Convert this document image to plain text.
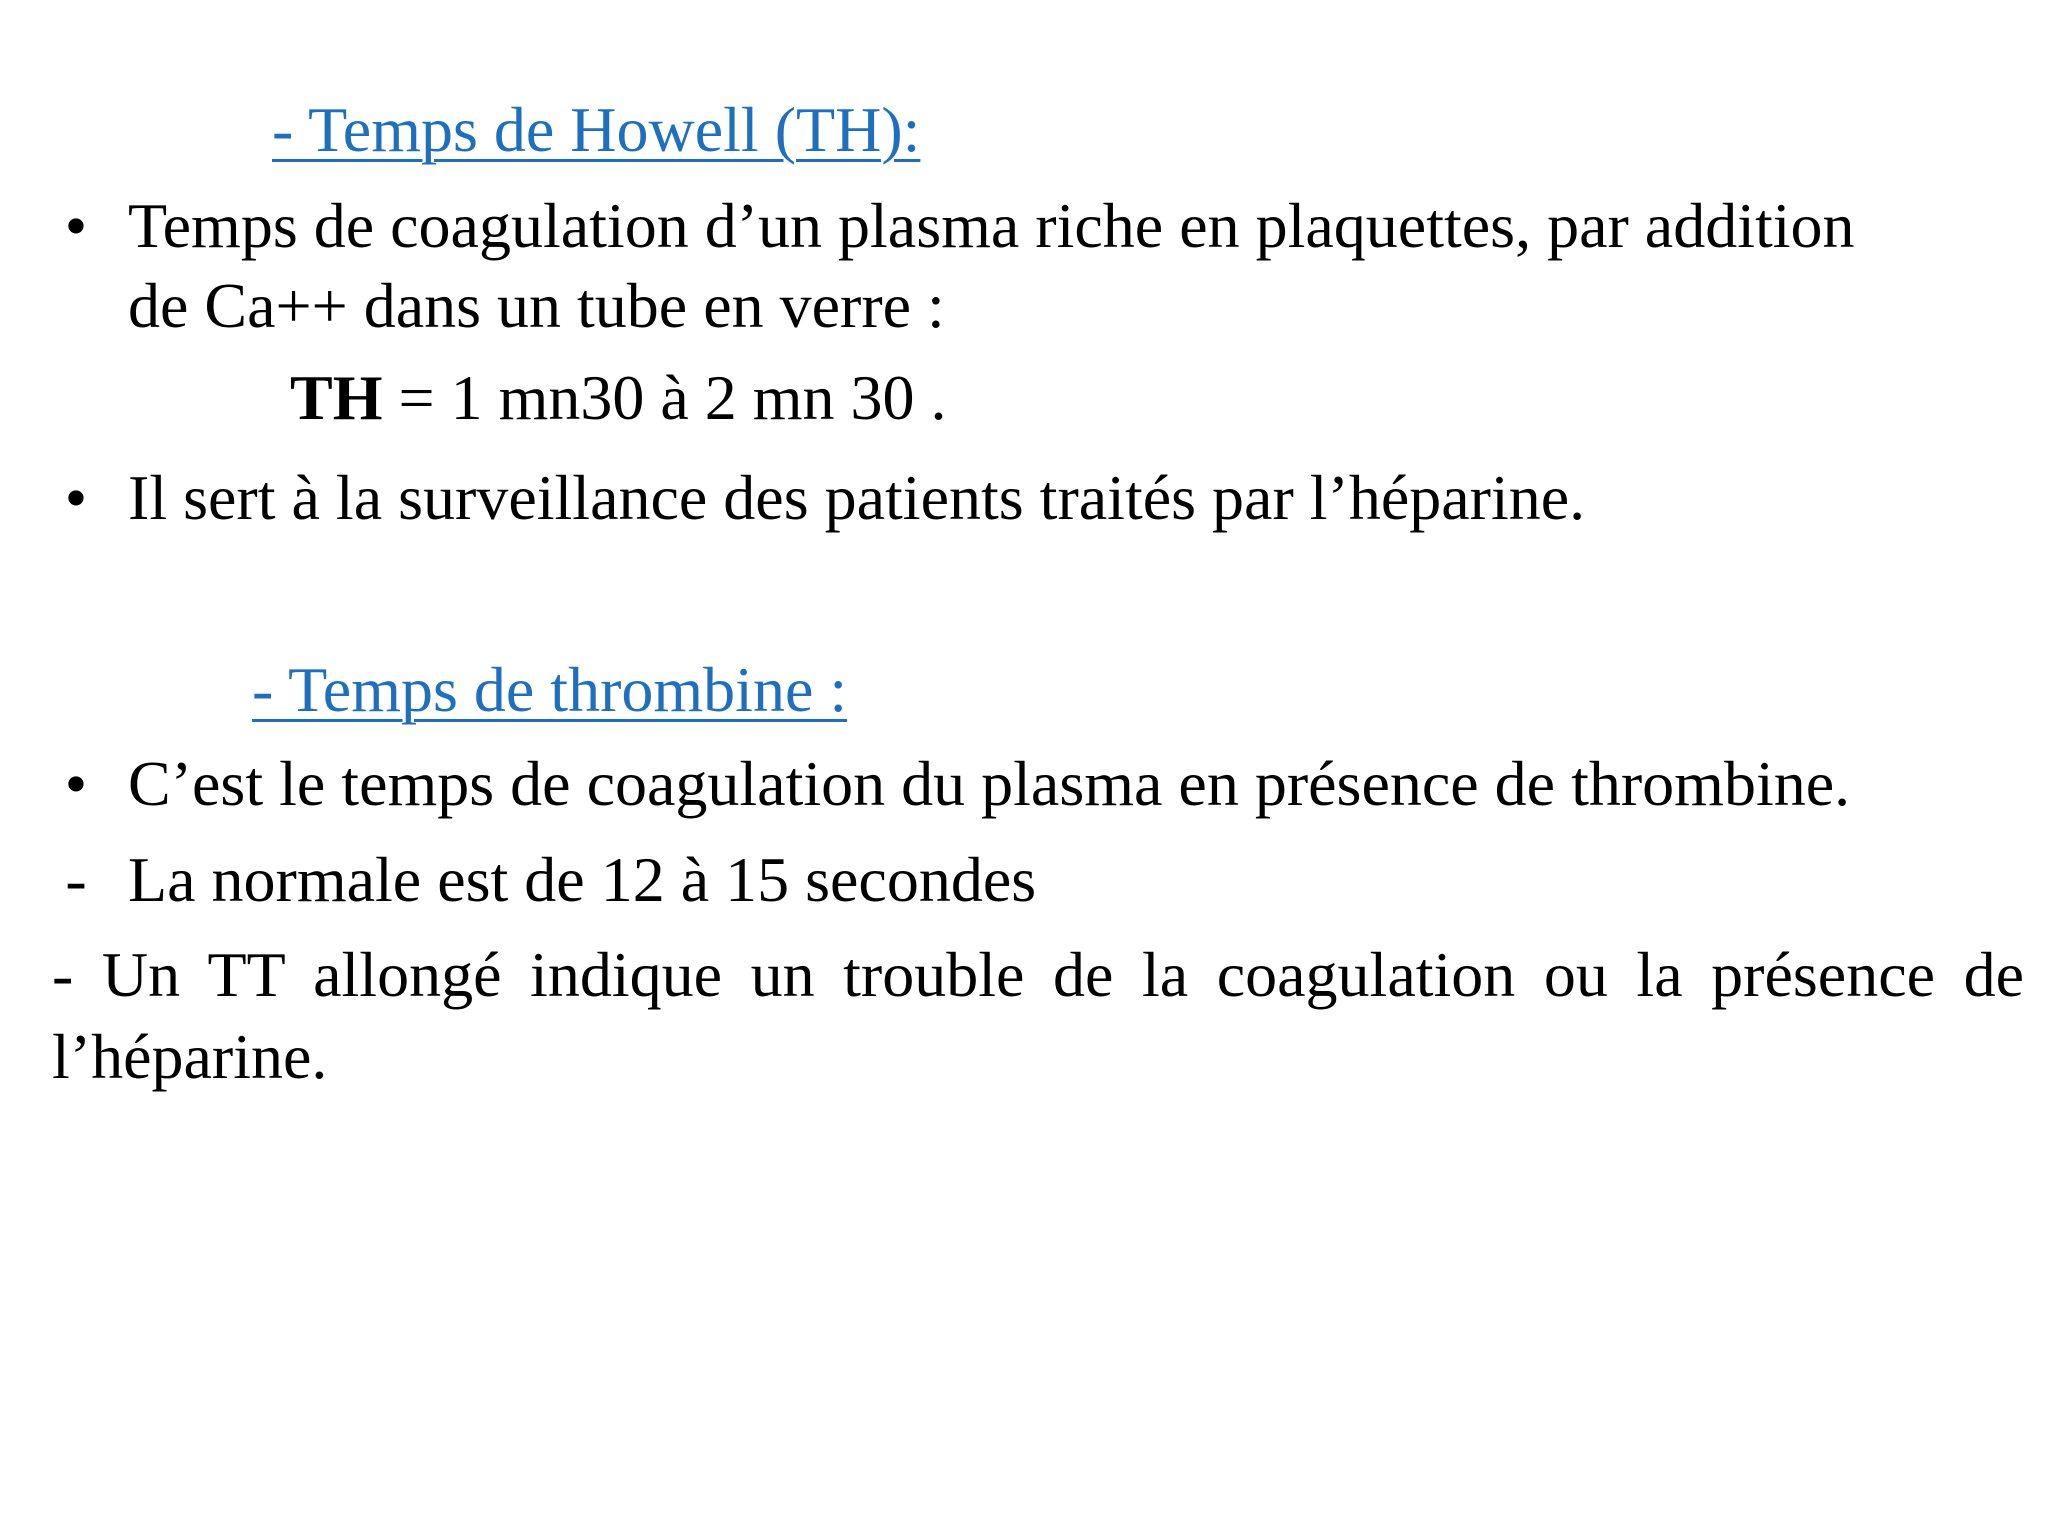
- Temps de Howell (TH):
• Temps de coagulation d’un plasma riche en plaquettes, par addition
de Ca++ dans un tube en verre :
TH = 1 mn30 à 2 mn 30 .
• Il sert à la surveillance des patients traités par l’héparine.
- Temps de thrombine :
• C’est le temps de coagulation du plasma en présence de thrombine.
- La normale est de 12 à 15 secondes
- Un TT allongé indique un trouble de la coagulation ou la présence de l’héparine.
